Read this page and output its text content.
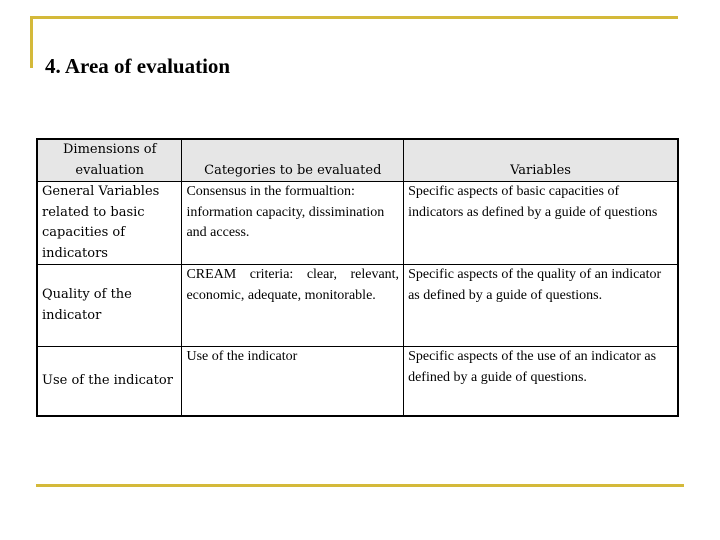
4. Area of evaluation
Dimensions of evaluation	Categories to be evaluated	Variables
General Variables related to basic capacities of indicators	Consensus in the formualtion: information capacity, dissimination and access.	Specific aspects of basic capacities of indicators as defined by a guide of questions
Quality of the indicator	CREAM criteria: clear, relevant, economic, adequate, monitorable.	Specific aspects of the quality of an indicator as defined by a guide of questions.
Use of the indicator	Use of the indicator	Specific aspects of the use of an indicator as defined by a guide of questions.
